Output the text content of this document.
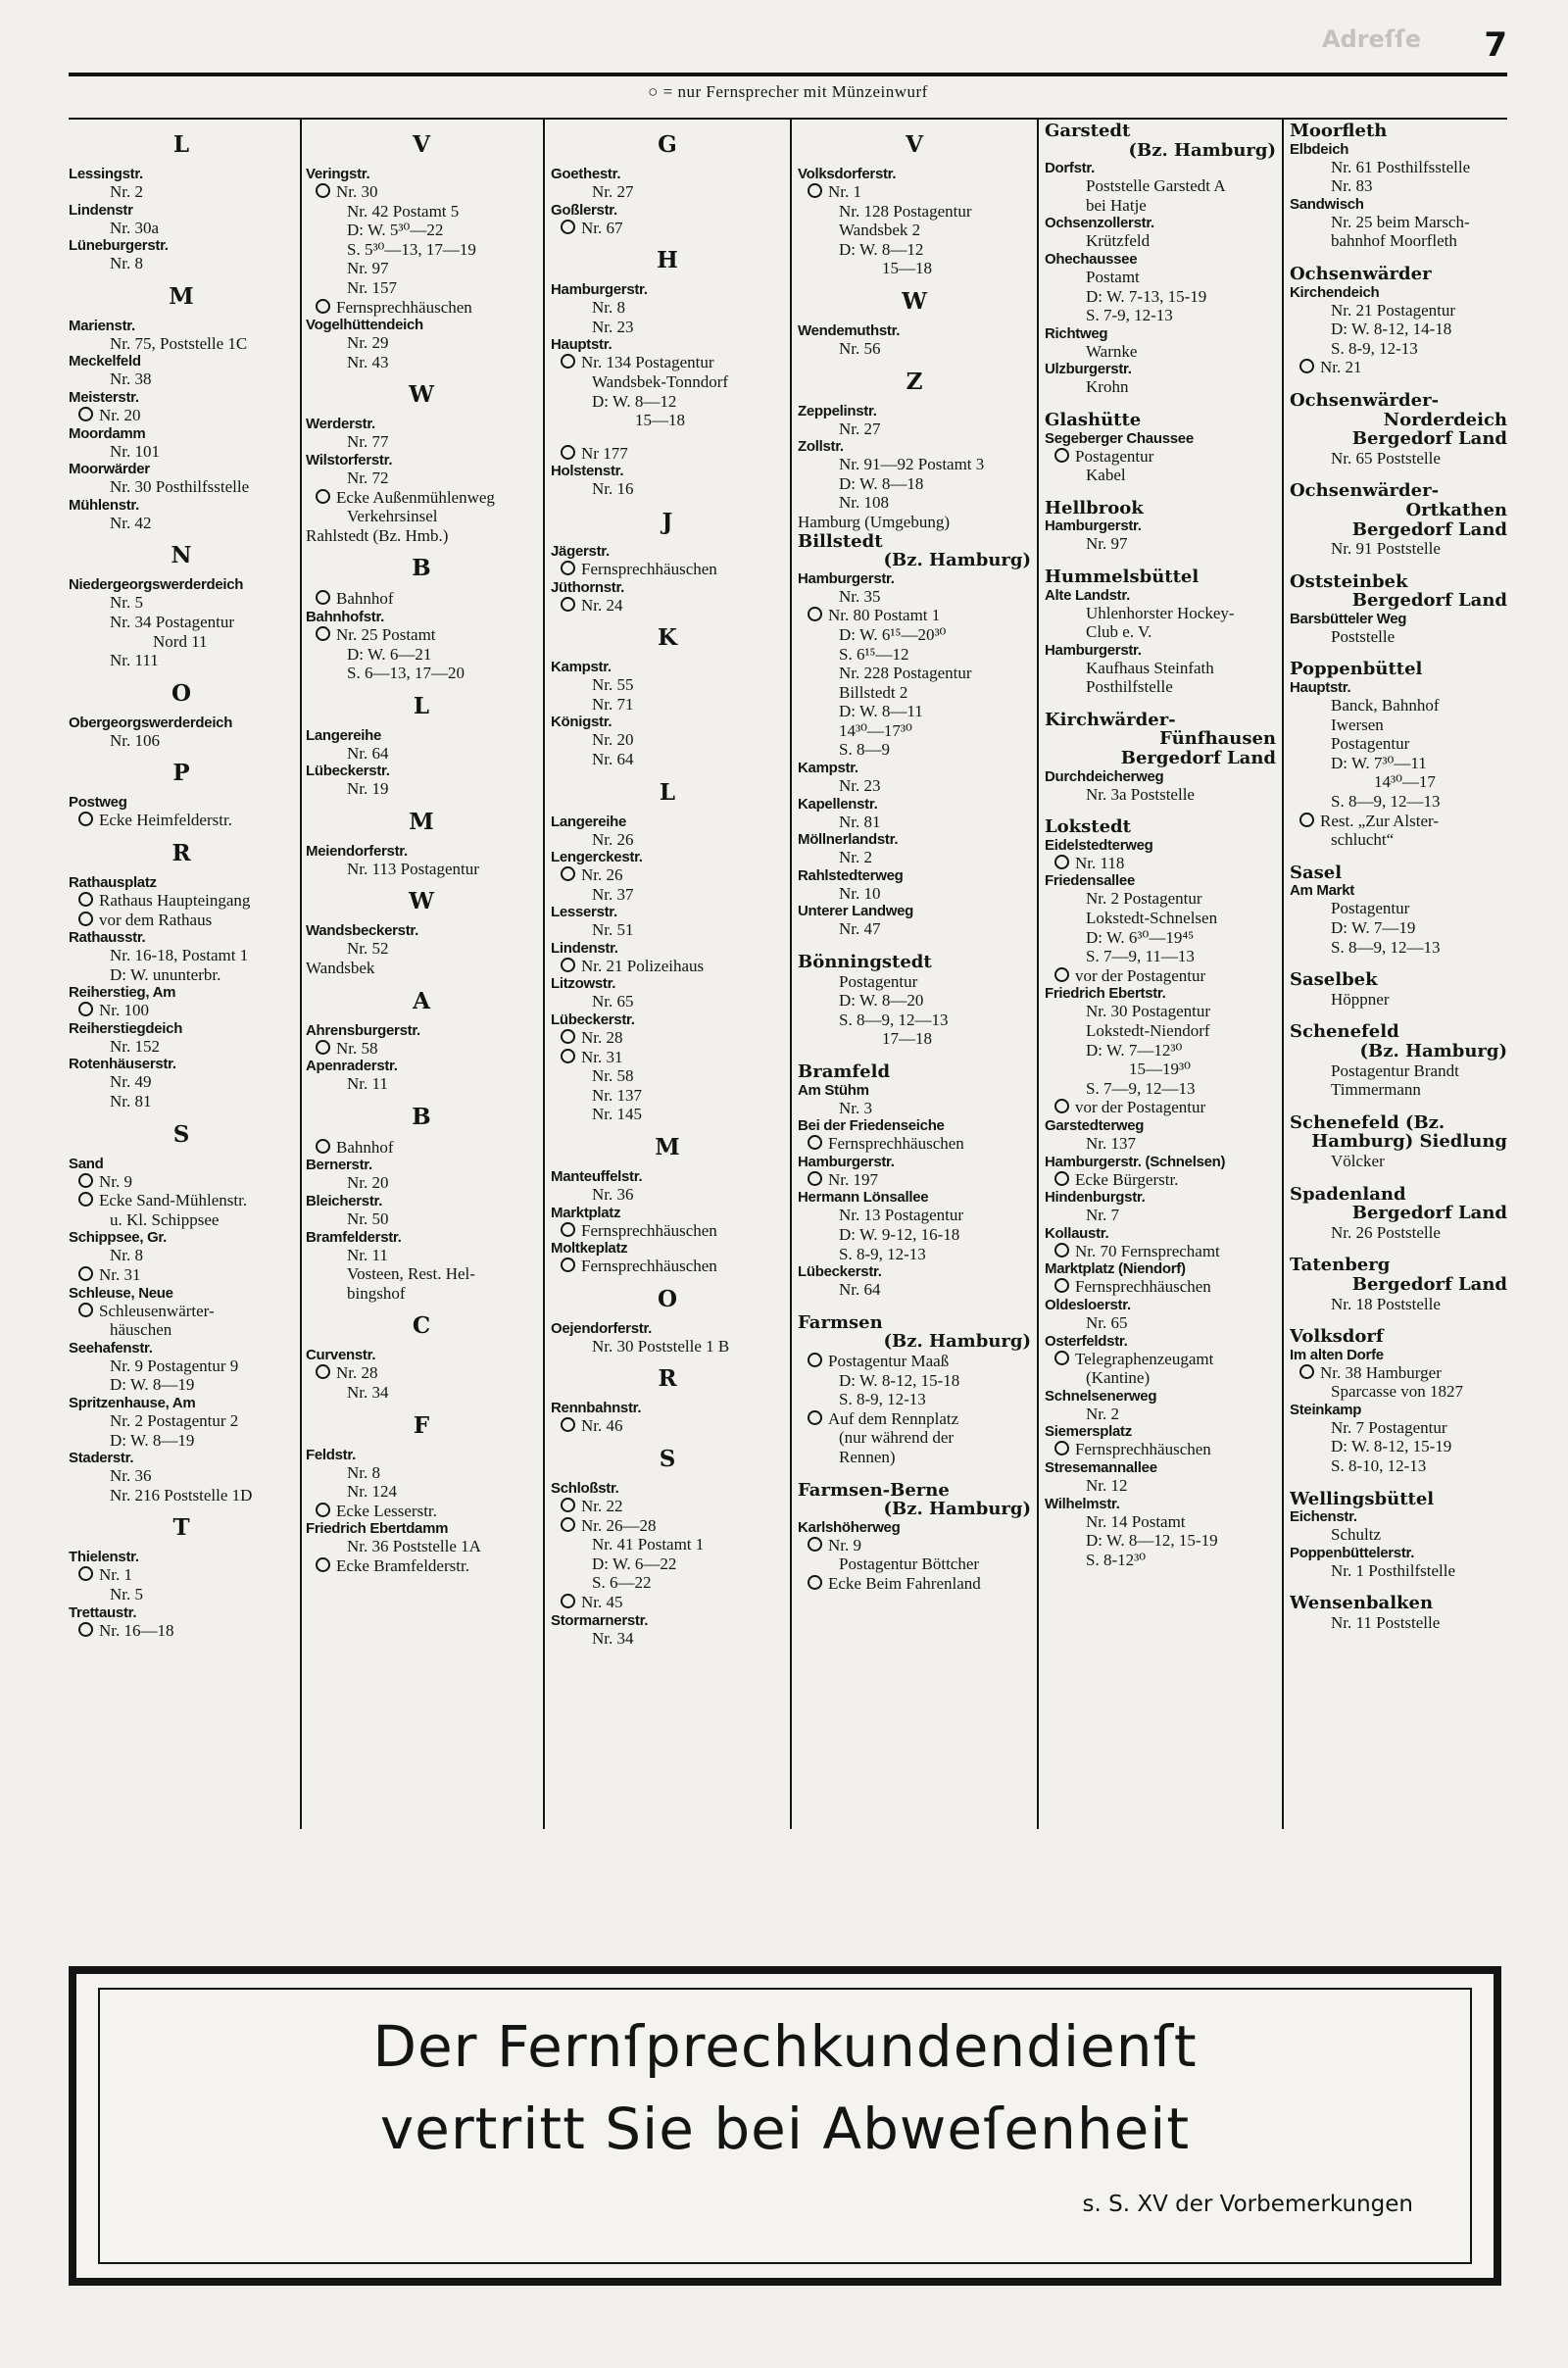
Adreſſe 7
○ = nur Fernsprecher mit Münzeinwurf
L
Lessingstr.
Nr. 2
Lindenstr
Nr. 30a
Lüneburgerstr.
Nr. 8
M
Marienstr.
Nr. 75, Poststelle 1C
Meckelfeld
Nr. 38
Meisterstr.
Nr. 20
Moordamm
Nr. 101
Moorwärder
Nr. 30 Posthilfsstelle
Mühlenstr.
Nr. 42
N
Niedergeorgswerderdeich
Nr. 5
Nr. 34 Postagentur
Nord 11
Nr. 111
O
Obergeorgswerderdeich
Nr. 106
P
Postweg
Ecke Heimfelderstr.
R
Rathausplatz
Rathaus Haupteingang
vor dem Rathaus
Rathausstr.
Nr. 16-18, Postamt 1
D: W. ununterbr.
Reiherstieg, Am
Nr. 100
Reiherstiegdeich
Nr. 152
Rotenhäuserstr.
Nr. 49
Nr. 81
S
Sand
Nr. 9
Ecke Sand-Mühlenstr.
u. Kl. Schippsee
Schippsee, Gr.
Nr. 8
Nr. 31
Schleuse, Neue
Schleusenwärter-
häuschen
Seehafenstr.
Nr. 9 Postagentur 9
D: W. 8—19
Spritzenhause, Am
Nr. 2 Postagentur 2
D: W. 8—19
Staderstr.
Nr. 36
Nr. 216 Poststelle 1D
T
Thielenstr.
Nr. 1
Nr. 5
Trettaustr.
Nr. 16—18
V
Veringstr.
Nr. 30
Nr. 42 Postamt 5
D: W. 5³⁰—22
S. 5³⁰—13, 17—19
Nr. 97
Nr. 157
Fernsprechhäuschen
Vogelhüttendeich
Nr. 29
Nr. 43
W
Werderstr.
Nr. 77
Wilstorferstr.
Nr. 72
Ecke Außenmühlenweg
Verkehrsinsel
Rahlstedt (Bz. Hmb.)
B
Bahnhof
Bahnhofstr.
Nr. 25 Postamt
D: W. 6—21
S. 6—13, 17—20
L
Langereihe
Nr. 64
Lübeckerstr.
Nr. 19
M
Meiendorferstr.
Nr. 113 Postagentur
W
Wandsbeckerstr.
Nr. 52
Wandsbek
A
Ahrensburgerstr.
Nr. 58
Apenraderstr.
Nr. 11
B
Bahnhof
Bernerstr.
Nr. 20
Bleicherstr.
Nr. 50
Bramfelderstr.
Nr. 11
Vosteen, Rest. Hel-
bingshof
C
Curvenstr.
Nr. 28
Nr. 34
F
Feldstr.
Nr. 8
Nr. 124
Ecke Lesserstr.
Friedrich Ebertdamm
Nr. 36 Poststelle 1A
Ecke Bramfelderstr.
G
Goethestr.
Nr. 27
Goßlerstr.
Nr. 67
H
Hamburgerstr.
Nr. 8
Nr. 23
Hauptstr.
Nr. 134 Postagentur
Wandsbek-Tonndorf
D: W. 8—12
15—18
Nr 177
Holstenstr.
Nr. 16
J
Jägerstr.
Fernsprechhäuschen
Jüthornstr.
Nr. 24
K
Kampstr.
Nr. 55
Nr. 71
Königstr.
Nr. 20
Nr. 64
L
Langereihe
Nr. 26
Lengerckestr.
Nr. 26
Nr. 37
Lesserstr.
Nr. 51
Lindenstr.
Nr. 21 Polizeihaus
Litzowstr.
Nr. 65
Lübeckerstr.
Nr. 28
Nr. 31
Nr. 58
Nr. 137
Nr. 145
M
Manteuffelstr.
Nr. 36
Marktplatz
Fernsprechhäuschen
Moltkeplatz
Fernsprechhäuschen
O
Oejendorferstr.
Nr. 30 Poststelle 1 B
R
Rennbahnstr.
Nr. 46
S
Schloßstr.
Nr. 22
Nr. 26—28
Nr. 41 Postamt 1
D: W. 6—22
S. 6—22
Nr. 45
Stormarnerstr.
Nr. 34
V
Volksdorferstr.
Nr. 1
Nr. 128 Postagentur
Wandsbek 2
D: W. 8—12
15—18
W
Wendemuthstr.
Nr. 56
Z
Zeppelinstr.
Nr. 27
Zollstr.
Nr. 91—92 Postamt 3
D: W. 8—18
Nr. 108
Hamburg (Umgebung)
Billstedt
(Bz. Hamburg)
Hamburgerstr.
Nr. 35
Nr. 80 Postamt 1
D: W. 6¹⁵—20³⁰
S. 6¹⁵—12
Nr. 228 Postagentur
Billstedt 2
D: W. 8—11
14³⁰—17³⁰
S. 8—9
Kampstr.
Nr. 23
Kapellenstr.
Nr. 81
Möllnerlandstr.
Nr. 2
Rahlstedterweg
Nr. 10
Unterer Landweg
Nr. 47
Bönningstedt
Postagentur
D: W. 8—20
S. 8—9, 12—13
17—18
Bramfeld
Am Stühm
Nr. 3
Bei der Friedenseiche
Fernsprechhäuschen
Hamburgerstr.
Nr. 197
Hermann Lönsallee
Nr. 13 Postagentur
D: W. 9-12, 16-18
S. 8-9, 12-13
Lübeckerstr.
Nr. 64
Farmsen
(Bz. Hamburg)
Postagentur Maaß
D: W. 8-12, 15-18
S. 8-9, 12-13
Auf dem Rennplatz
(nur während der
Rennen)
Farmsen-Berne
(Bz. Hamburg)
Karlshöherweg
Nr. 9
Postagentur Böttcher
Ecke Beim Fahrenland
Garstedt
(Bz. Hamburg)
Dorfstr.
Poststelle Garstedt A
bei Hatje
Ochsenzollerstr.
Krützfeld
Ohechaussee
Postamt
D: W. 7-13, 15-19
S. 7-9, 12-13
Richtweg
Warnke
Ulzburgerstr.
Krohn
Glashütte
Segeberger Chaussee
Postagentur
Kabel
Hellbrook
Hamburgerstr.
Nr. 97
Hummelsbüttel
Alte Landstr.
Uhlenhorster Hockey-
Club e. V.
Hamburgerstr.
Kaufhaus Steinfath
Posthilfstelle
Kirchwärder-
Fünfhausen
Bergedorf Land
Durchdeicherweg
Nr. 3a Poststelle
Lokstedt
Eidelstedterweg
Nr. 118
Friedensallee
Nr. 2 Postagentur
Lokstedt-Schnelsen
D: W. 6³⁰—19⁴⁵
S. 7—9, 11—13
vor der Postagentur
Friedrich Ebertstr.
Nr. 30 Postagentur
Lokstedt-Niendorf
D: W. 7—12³⁰
15—19³⁰
S. 7—9, 12—13
vor der Postagentur
Garstedterweg
Nr. 137
Hamburgerstr. (Schnelsen)
Ecke Bürgerstr.
Hindenburgstr.
Nr. 7
Kollaustr.
Nr. 70 Fernsprechamt
Marktplatz (Niendorf)
Fernsprechhäuschen
Oldesloerstr.
Nr. 65
Osterfeldstr.
Telegraphenzeugamt
(Kantine)
Schnelsenerweg
Nr. 2
Siemersplatz
Fernsprechhäuschen
Stresemannallee
Nr. 12
Wilhelmstr.
Nr. 14 Postamt
D: W. 8—12, 15-19
S. 8-12³⁰
Moorfleth
Elbdeich
Nr. 61 Posthilfsstelle
Nr. 83
Sandwisch
Nr. 25 beim Marsch-
bahnhof Moorfleth
Ochsenwärder
Kirchendeich
Nr. 21 Postagentur
D: W. 8-12, 14-18
S. 8-9, 12-13
Nr. 21
Ochsenwärder-
Norderdeich
Bergedorf Land
Nr. 65 Poststelle
Ochsenwärder-
Ortkathen
Bergedorf Land
Nr. 91 Poststelle
Oststeinbek
Bergedorf Land
Barsbütteler Weg
Poststelle
Poppenbüttel
Hauptstr.
Banck, Bahnhof
Iwersen
Postagentur
D: W. 7³⁰—11
14³⁰—17
S. 8—9, 12—13
Rest. „Zur Alster-
schlucht“
Sasel
Am Markt
Postagentur
D: W. 7—19
S. 8—9, 12—13
Saselbek
Höppner
Schenefeld
(Bz. Hamburg)
Postagentur Brandt
Timmermann
Schenefeld (Bz.
Hamburg) Siedlung
Völcker
Spadenland
Bergedorf Land
Nr. 26 Poststelle
Tatenberg
Bergedorf Land
Nr. 18 Poststelle
Volksdorf
Im alten Dorfe
Nr. 38 Hamburger
Sparcasse von 1827
Steinkamp
Nr. 7 Postagentur
D: W. 8-12, 15-19
S. 8-10, 12-13
Wellingsbüttel
Eichenstr.
Schultz
Poppenbüttelerstr.
Nr. 1 Posthilfstelle
Wensenbalken
Nr. 11 Poststelle
Der Fernſprechkundendienſt
vertritt Sie bei Abweſenheit
s. S. XV der Vorbemerkungen
